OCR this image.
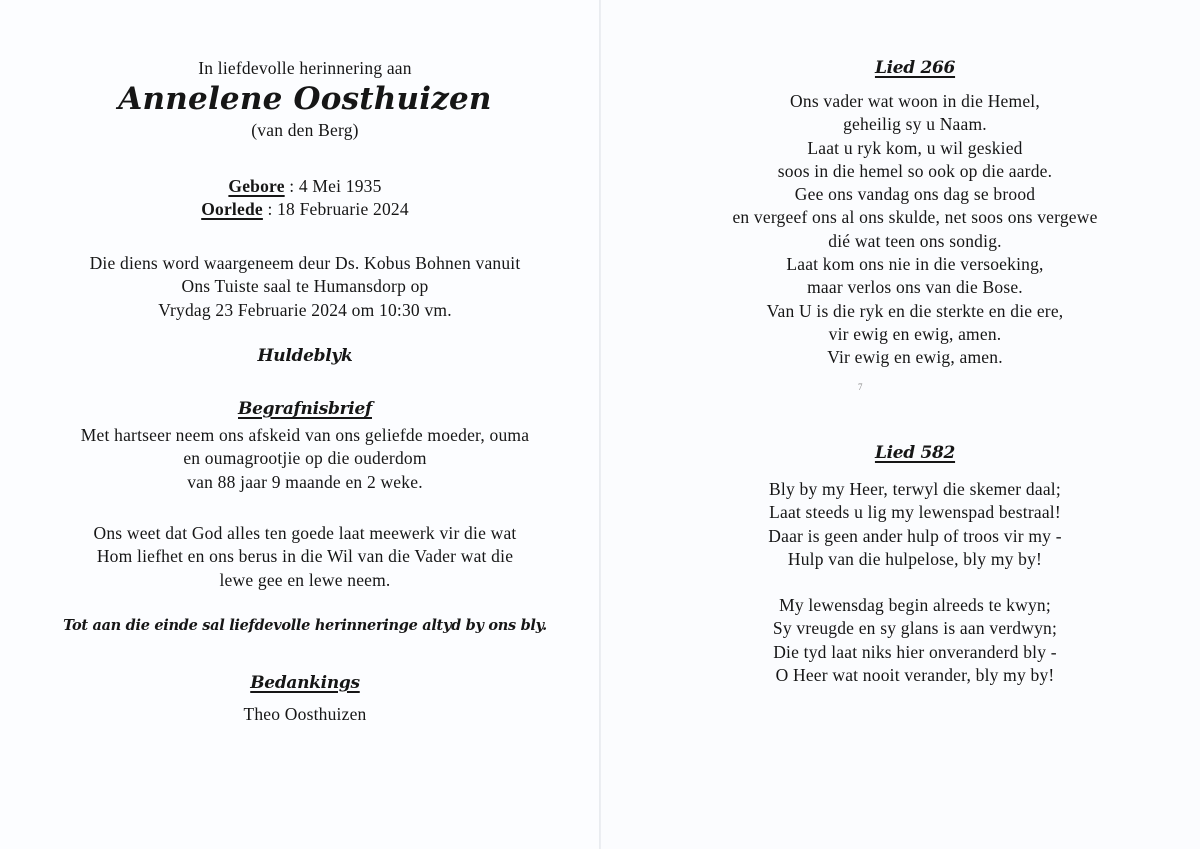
In liefdevolle herinnering aan
Annelene Oosthuizen
(van den Berg)
Gebore : 4 Mei 1935
Oorlede : 18 Februarie 2024
Die diens word waargeneem deur Ds. Kobus Bohnen vanuit
Ons Tuiste saal te Humansdorp op
Vrydag 23 Februarie 2024 om 10:30 vm.
Huldeblyk
Begrafnisbrief
Met hartseer neem ons afskeid van ons geliefde moeder, ouma
en oumagrootjie op die ouderdom
van 88 jaar 9 maande en 2 weke.
Ons weet dat God alles ten goede laat meewerk vir die wat
Hom liefhet en ons berus in die Wil van die Vader wat die
lewe gee en lewe neem.
Tot aan die einde sal liefdevolle herinneringe altyd by ons bly.
Bedankings
Theo Oosthuizen
Lied 266
Ons vader wat woon in die Hemel,
geheilig sy u Naam.
Laat u ryk kom, u wil geskied
soos in die hemel so ook op die aarde.
Gee ons vandag ons dag se brood
en vergeef ons al ons skulde, net soos ons vergewe
dié wat teen ons sondig.
Laat kom ons nie in die versoeking,
maar verlos ons van die Bose.
Van U is die ryk en die sterkte en die ere,
vir ewig en ewig, amen.
Vir ewig en ewig, amen.
7
Lied 582
Bly by my Heer, terwyl die skemer daal;
Laat steeds u lig my lewenspad bestraal!
Daar is geen ander hulp of troos vir my -
Hulp van die hulpelose, bly my by!
My lewensdag begin alreeds te kwyn;
Sy vreugde en sy glans is aan verdwyn;
Die tyd laat niks hier onveranderd bly -
O Heer wat nooit verander, bly my by!
